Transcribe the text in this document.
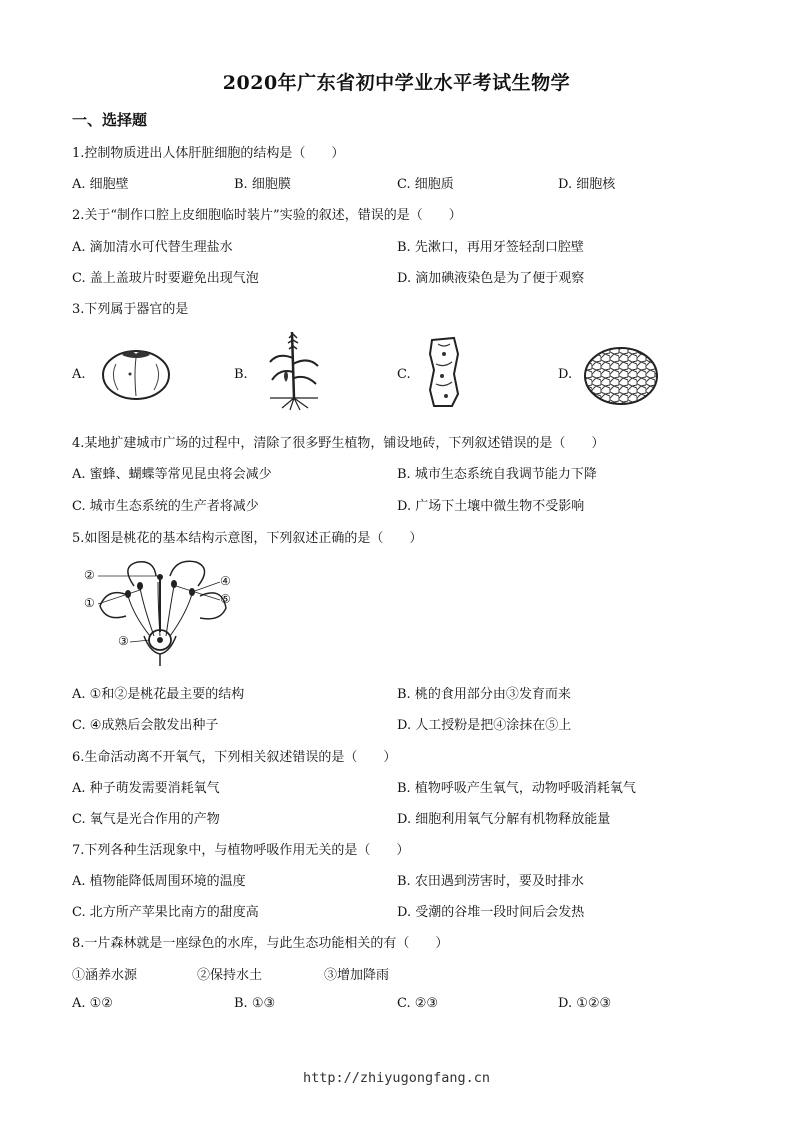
2020年广东省初中学业水平考试生物学
一、选择题
1.控制物质进出人体肝脏细胞的结构是（　　）
A. 细胞壁	B. 细胞膜	C. 细胞质	D. 细胞核
2.关于“制作口腔上皮细胞临时装片”实验的叙述，错误的是（　　）
A. 滴加清水可代替生理盐水	B. 先漱口，再用牙签轻刮口腔壁
C. 盖上盖玻片时要避免出现气泡	D. 滴加碘液染色是为了便于观察
3.下列属于器官的是
A.	B.	C.	D.
4.某地扩建城市广场的过程中，清除了很多野生植物，铺设地砖，下列叙述错误的是（　　）
A. 蜜蜂、蝴蝶等常见昆虫将会减少	B. 城市生态系统自我调节能力下降
C. 城市生态系统的生产者将减少	D. 广场下土壤中微生物不受影响
5.如图是桃花的基本结构示意图，下列叙述正确的是（　　）
②
①
③
④
⑤
A. ①和②是桃花最主要的结构	B. 桃的食用部分由③发育而来
C. ④成熟后会散发出种子	D. 人工授粉是把④涂抹在⑤上
6.生命活动离不开氧气，下列相关叙述错误的是（　　）
A. 种子萌发需要消耗氧气	B. 植物呼吸产生氧气，动物呼吸消耗氧气
C. 氧气是光合作用的产物	D. 细胞利用氧气分解有机物释放能量
7.下列各种生活现象中，与植物呼吸作用无关的是（　　）
A. 植物能降低周围环境的温度	B. 农田遇到涝害时，要及时排水
C. 北方所产苹果比南方的甜度高	D. 受潮的谷堆一段时间后会发热
8.一片森林就是一座绿色的水库，与此生态功能相关的有（　　）
①涵养水源	②保持水土	③增加降雨
A. ①②	B. ①③	C. ②③	D. ①②③
http://zhiyugongfang.cn
